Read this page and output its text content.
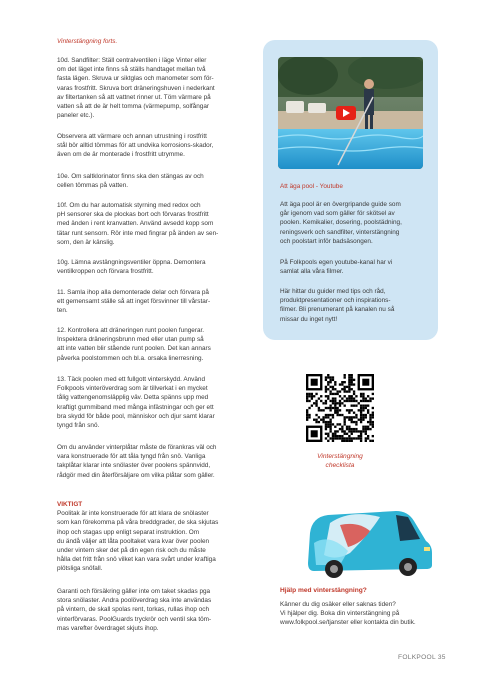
Vinterstängning forts.

10d. Sandfilter: Ställ centralventilen i läge Vinter eller
om det läget inte finns så ställs handtaget mellan två
fasta lägen. Skruva ur siktglas och manometer som för-
varas frostfritt. Skruva bort dräneringshuven i nederkant
av filtertanken så att vattnet rinner ut. Töm värmare på
vatten så att de är helt tomma (värmepump, solfångar
paneler etc.).

Observera att värmare och annan utrustning i rostfritt
stål bör alltid tömmas för att undvika korrosions-skador,
även om de är monterade i frostfritt utrymme.

10e. Om saltklorinator finns ska den stängas av och
cellen tömmas på vatten.

10f. Om du har automatisk styrning med redox och
pH sensorer ska de plockas bort och förvaras frostfritt
med änden i rent kranvatten. Använd avsedd kopp som
tätar runt sensorn. Rör inte med fingrar på änden av sen-
sorn, den är känslig.

10g. Lämna avstängningsventiler öppna. Demontera
ventilkroppen och förvara frostfritt.

11. Samla ihop alla demonterade delar och förvara på
ett gemensamt ställe så att inget försvinner till vårstar-
ten.

12. Kontrollera att dräneringen runt poolen fungerar.
Inspektera dräneringsbrunn med eller utan pump så
att inte vatten blir stående runt poolen. Det kan annars
påverka poolstommen och bl.a. orsaka linerresning.

13. Täck poolen med ett fullgott vinterskydd. Använd
Folkpools vinteröverdrag som är tillverkat i en mycket
tålig vattengenomsläpplig väv. Detta spänns upp med
kraftigt gummiband med många infästningar och ger ett
bra skydd för både pool, människor och djur samt klarar
tyngd från snö.

Om du använder vinterplåtar måste de förankras väl och
vara konstruerade för att tåla tyngd från snö. Vanliga
takplåtar klarar inte snölaster över poolens spännvidd,
rådgör med din återförsäljare om vilka plåtar som gäller.

VIKTIGT

Poolitak är inte konstruerade för att klara de snölaster
som kan förekomma på våra breddgrader, de ska skjutas
ihop och stagas upp enligt separat instruktion. Om
du ändå väljer att låta pooltaket vara kvar över poolen
under vintern sker det på din egen risk och du måste
hålla det fritt från snö vilket kan vara svårt under kraftiga
plötsliga snöfall.

Garanti och försäkring gäller inte om taket skadas pga
stora snölaster. Andra poolöverdrag ska inte användas
på vintern, de skall spolas rent, torkas, rullas ihop och
vinterförvaras. PoolGuards tryckrör och ventil ska töm-
mas varefter överdraget skjuts ihop.

Att äga pool - Youtube

Att äga pool är en övergripande guide som
går igenom vad som gäller för skötsel av
poolen. Kemikalier, dosering, poolstädning,
reningsverk och sandfilter, vinterstängning
och poolstart inför badsäsongen.

På Folkpools egen youtube-kanal har vi
samlat alla våra filmer.

Här hittar du guider med tips och råd,
produktpresentationer och inspirations-
filmer. Bli prenumerant på kanalen nu så
missar du inget nytt!

Vinterstängning
checklista
Hjälp med vinterstängning?
Känner du dig osäker eller saknas tiden?
Vi hjälper dig. Boka din vinterstängning på
www.folkpool.se/tjanster eller kontakta din butik.
FOLKPOOL 35
